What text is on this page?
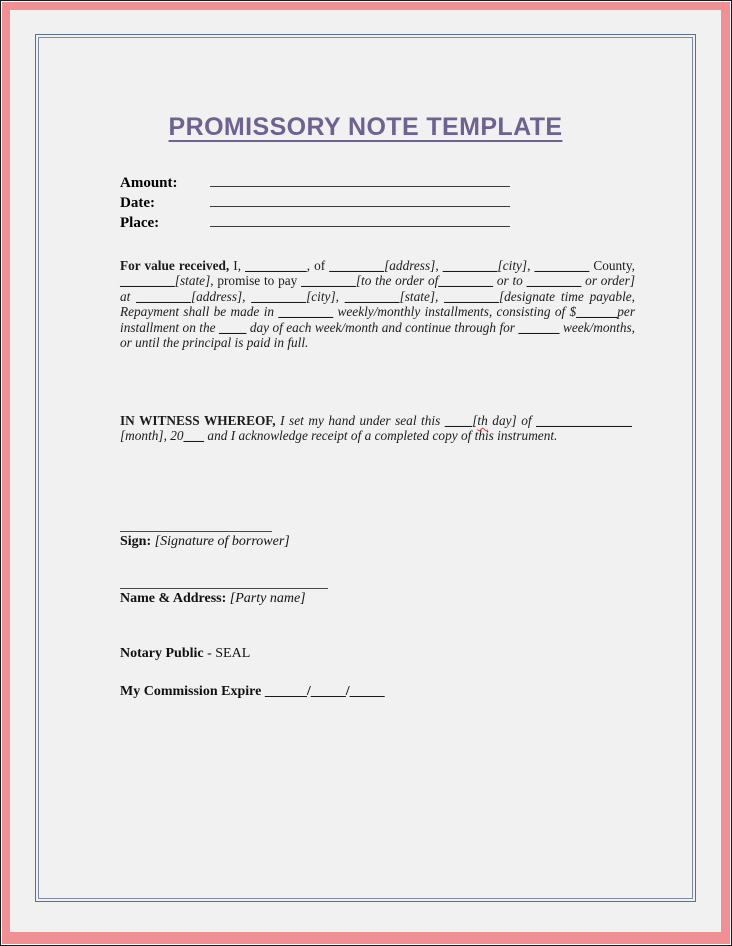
PROMISSORY NOTE TEMPLATE
Amount:
Date:
Place:
For value received, I, _________, of ________[address], ________[city], ________ County, ________[state], promise to pay ________[to the order of________ or to ________ or order] at ________[address], ________[city], ________[state], ________[designate time payable, Repayment shall be made in ________ weekly/monthly installments, consisting of $______per installment on the ____ day of each week/month and continue through for ______ week/months, or until the principal is paid in full.
IN WITNESS WHEREOF, I set my hand under seal this ____[th day] of ______________ [month], 20___ and I acknowledge receipt of a completed copy of this instrument.
Sign: [Signature of borrower]
Name & Address: [Party name]
Notary Public - SEAL
My Commission Expire ______/_____/_____
